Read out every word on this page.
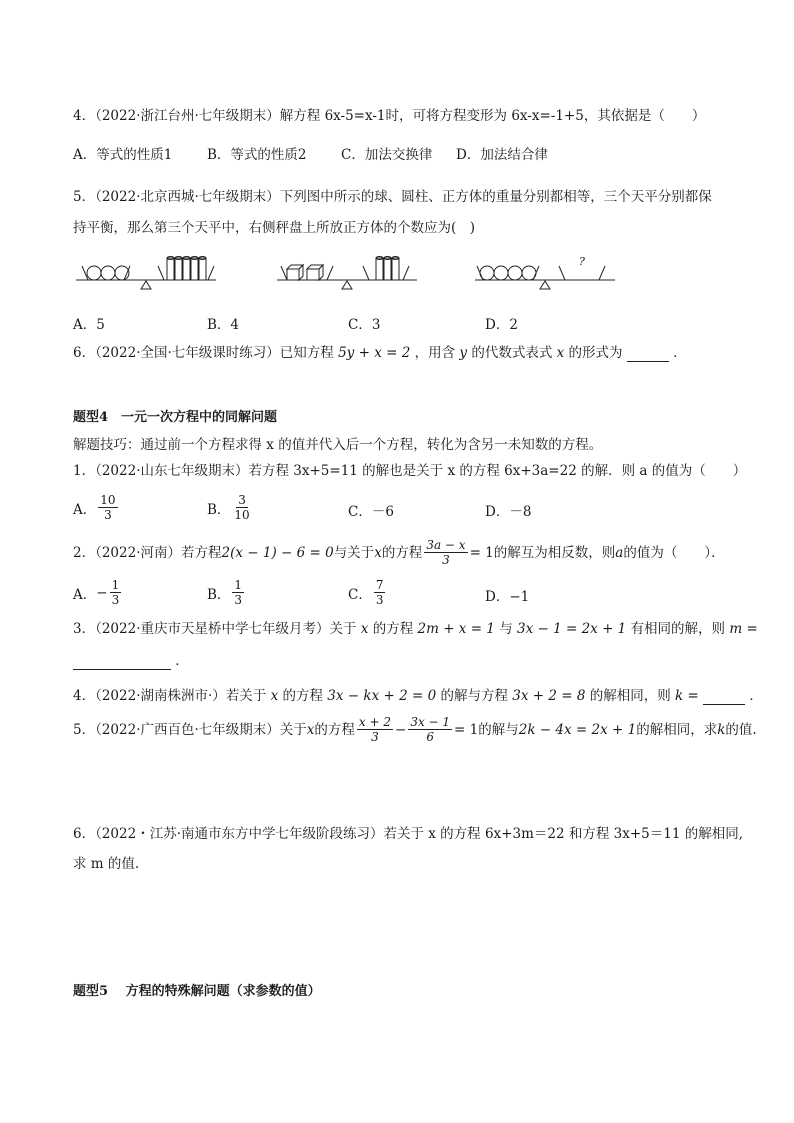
4．（2022·浙江台州·七年级期末）解方程 6x-5=x-1时，可将方程变形为 6x-x=-1+5，其依据是（　　）
A．等式的性质1	B．等式的性质2	C．加法交换律 D．加法结合律
5．（2022·北京西城·七年级期末）下列图中所示的球、圆柱、正方体的重量分别都相等，三个天平分别都保
持平衡，那么第三个天平中，右侧秤盘上所放正方体的个数应为(　)
?
A．5	B．4	C．3	D．2
6．（2022·全国·七年级课时练习）已知方程 5y + x = 2 ，用含 y 的代数式表式 x 的形式为	．
题型4　一元一次方程中的同解问题
解题技巧：通过前一个方程求得 x 的值并代入后一个方程，转化为含另一未知数的方程。
1．（2022·山东七年级期末）若方程 3x+5=11 的解也是关于 x 的方程 6x+3a=22 的解．则 a 的值为（　　）
A． $\frac{10}{3}$	B． $\frac{3}{10}$	C．－6	D．－8
2．（2022·河南）若方程 2(x − 1) − 6 = 0 与关于 x 的方程 $\frac{3a - x}{3} = 1$ 的解互为相反数，则 a 的值为（　　）．
A． − $\frac{1}{3}$	B． $\frac{1}{3}$	C． $\frac{7}{3}$	D．−1
3．（2022·重庆市天星桥中学七年级月考）关于 x 的方程 2m + x = 1 与 3x − 1 = 2x + 1 有相同的解，则 m =
．
4．（2022·湖南株洲市·）若关于 x 的方程 3x − kx + 2 = 0 的解与方程 3x + 2 = 8 的解相同，则 k =	．
5．（2022·广西百色·七年级期末）关于 x 的方程 $\frac{x + 2}{3} - \frac{3x - 1}{6} = 1$ 的解与 2k − 4x = 2x + 1 的解相同，求 k 的值.
6．（2022・江苏·南通市东方中学七年级阶段练习）若关于 x 的方程 6x+3m＝22 和方程 3x+5＝11 的解相同,
求 m 的值.
题型5　 方程的特殊解问题（求参数的值）
